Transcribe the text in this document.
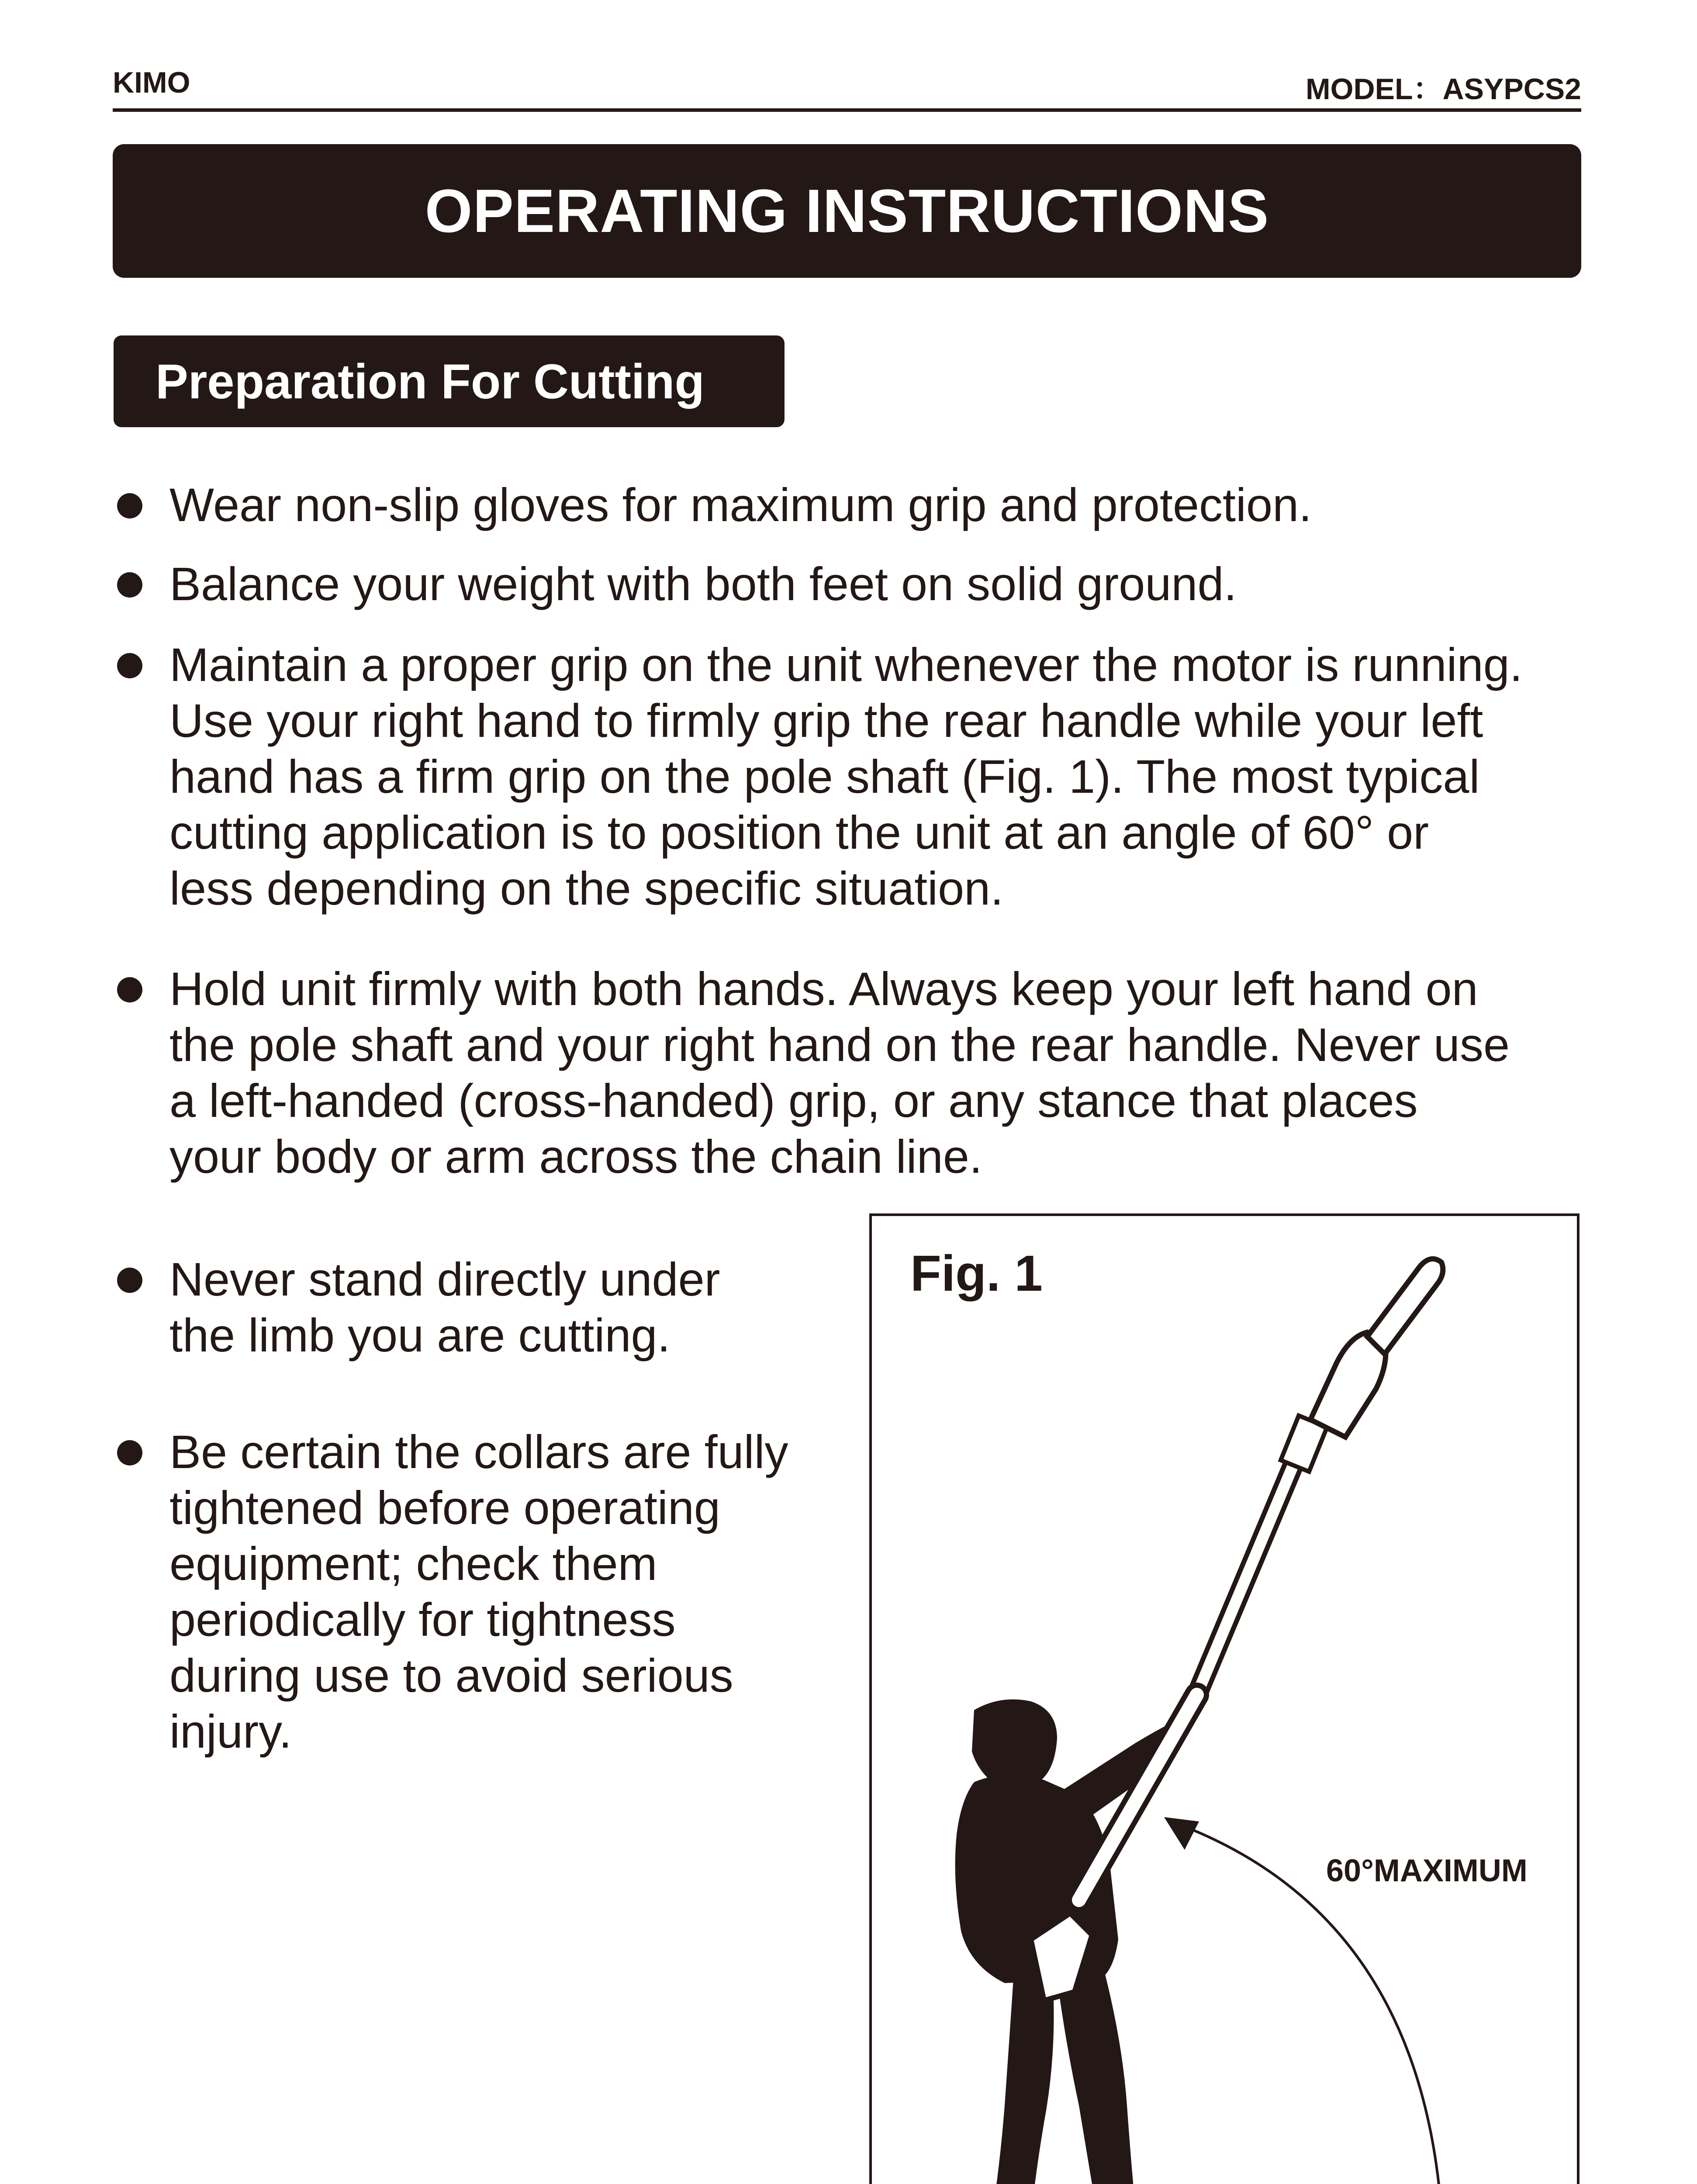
KIMO	MODEL：ASYPCS2
OPERATING INSTRUCTIONS
Preparation For Cutting
Wear non-slip gloves for maximum grip and protection.
Balance your weight with both feet on solid ground.
Maintain a proper grip on the unit whenever the motor is running.
Use your right hand to firmly grip the rear handle while your left
hand has a firm grip on the pole shaft (Fig. 1). The most typical
cutting application is to position the unit at an angle of 60° or
less depending on the specific situation.
Hold unit firmly with both hands. Always keep your left hand on
the pole shaft and your right hand on the rear handle. Never use
a left-handed (cross-handed) grip, or any stance that places
your body or arm across the chain line.
Never stand directly under
the limb you are cutting.
Be certain the collars are fully
tightened before operating
equipment; check them
periodically for tightness
during use to avoid serious
injury.
Fig. 1
60°MAXIMUM
